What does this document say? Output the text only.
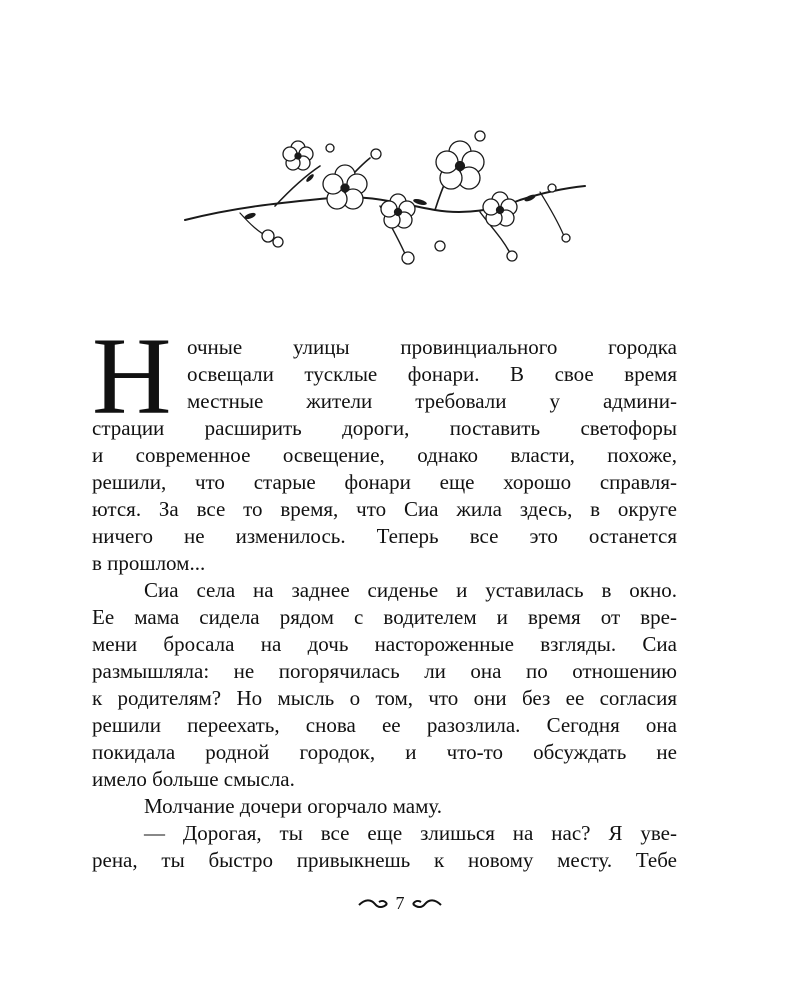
Н очные улицы провинциального городка
освещали тусклые фонари. В свое время
местные жители требовали у админи-
страции расширить дороги, поставить светофоры
и современное освещение, однако власти, похоже,
решили, что старые фонари еще хорошо справля-
ются. За все то время, что Сиа жила здесь, в округе
ничего не изменилось. Теперь все это останется
в прошлом...
Сиа села на заднее сиденье и уставилась в окно.
Ее мама сидела рядом с водителем и время от вре-
мени бросала на дочь настороженные взгляды. Сиа
размышляла: не погорячилась ли она по отношению
к родителям? Но мысль о том, что они без ее согласия
решили переехать, снова ее разозлила. Сегодня она
покидала родной городок, и что-то обсуждать не
имело больше смысла.
Молчание дочери огорчало маму.
— Дорогая, ты все еще злишься на нас? Я уве-
рена, ты быстро привыкнешь к новому месту. Тебе
7
